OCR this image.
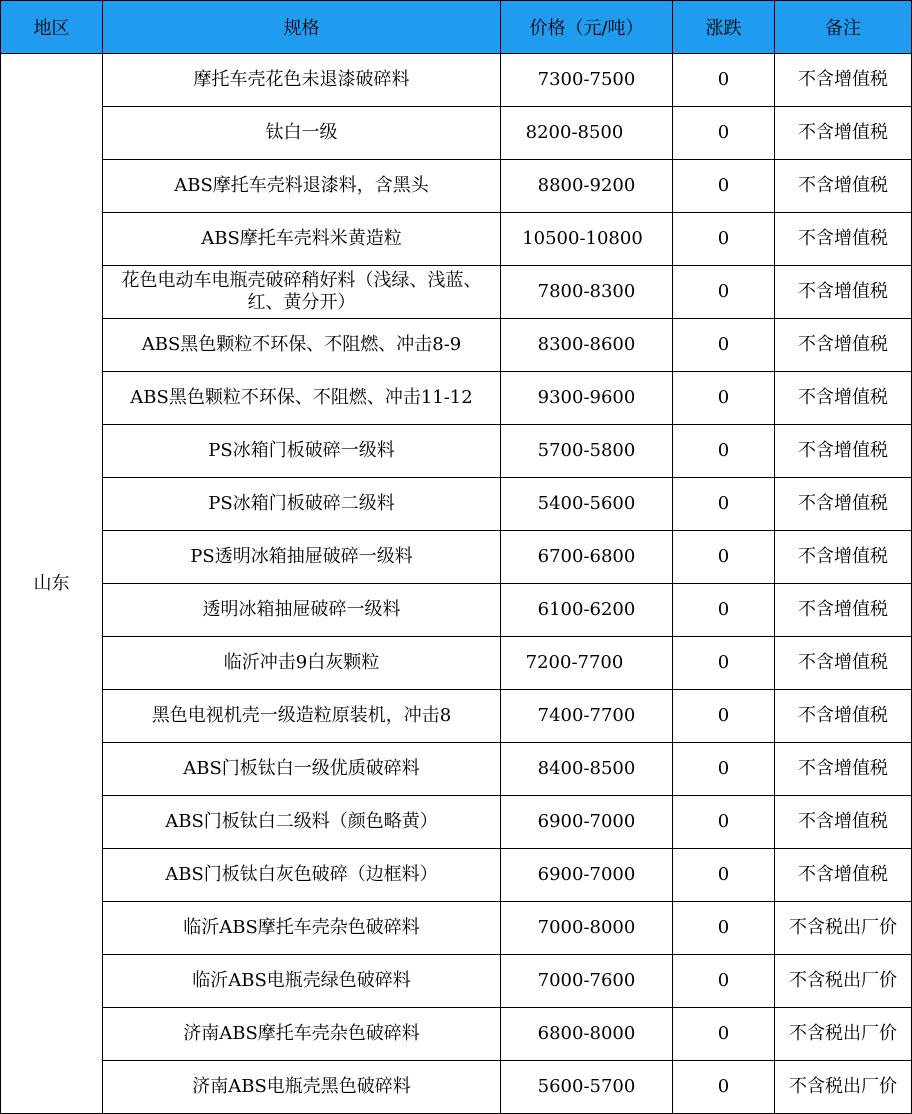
地区	规格	价格（元/吨）	涨跌	备注
山东	摩托车壳花色未退漆破碎料	7300-7500	0	不含增值税
	钛白一级	8200-8500	0	不含增值税
	ABS摩托车壳料退漆料，含黑头	8800-9200	0	不含增值税
	ABS摩托车壳料米黄造粒	10500-10800	0	不含增值税
	花色电动车电瓶壳破碎稍好料（浅绿、浅蓝、红、黄分开）	7800-8300	0	不含增值税
	ABS黑色颗粒不环保、不阻燃、冲击8-9	8300-8600	0	不含增值税
	ABS黑色颗粒不环保、不阻燃、冲击11-12	9300-9600	0	不含增值税
	PS冰箱门板破碎一级料	5700-5800	0	不含增值税
	PS冰箱门板破碎二级料	5400-5600	0	不含增值税
	PS透明冰箱抽屉破碎一级料	6700-6800	0	不含增值税
	透明冰箱抽屉破碎一级料	6100-6200	0	不含增值税
	临沂冲击9白灰颗粒	7200-7700	0	不含增值税
	黑色电视机壳一级造粒原装机，冲击8	7400-7700	0	不含增值税
	ABS门板钛白一级优质破碎料	8400-8500	0	不含增值税
	ABS门板钛白二级料（颜色略黄）	6900-7000	0	不含增值税
	ABS门板钛白灰色破碎（边框料）	6900-7000	0	不含增值税
	临沂ABS摩托车壳杂色破碎料	7000-8000	0	不含税出厂价
	临沂ABS电瓶壳绿色破碎料	7000-7600	0	不含税出厂价
	济南ABS摩托车壳杂色破碎料	6800-8000	0	不含税出厂价
	济南ABS电瓶壳黑色破碎料	5600-5700	0	不含税出厂价
